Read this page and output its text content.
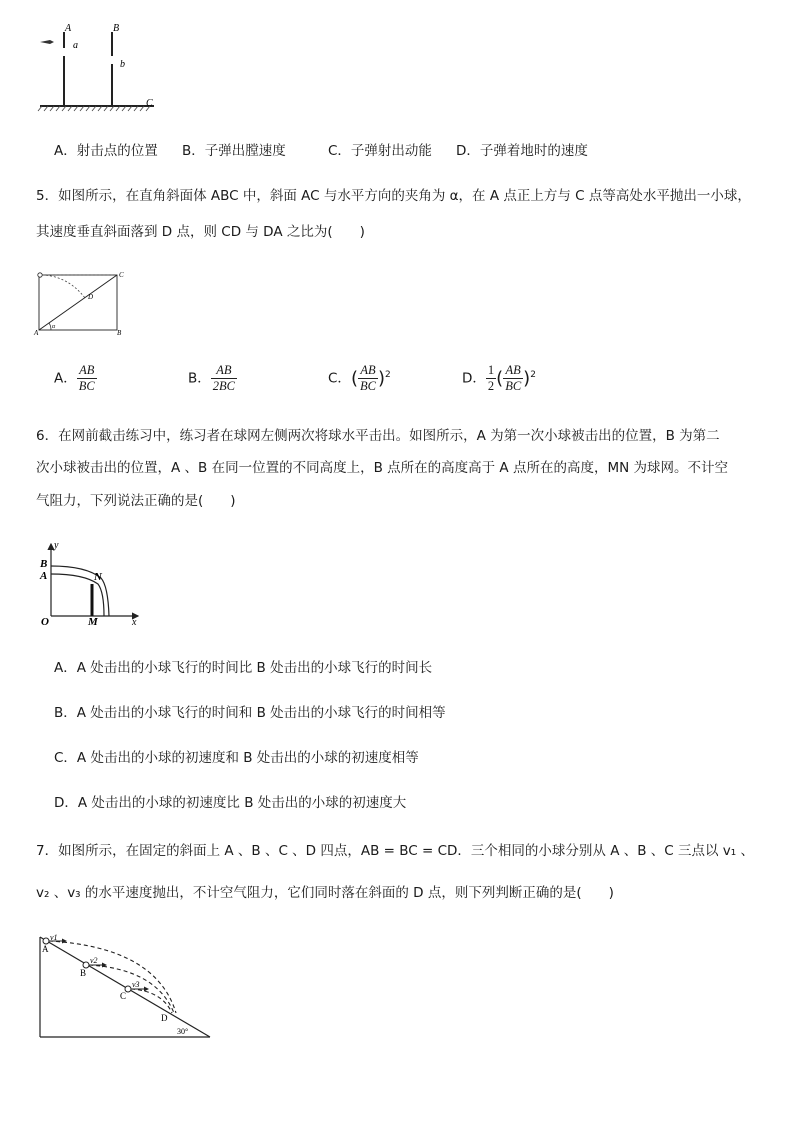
A
a
B
b
C
A．射击点的位置 B．子弹出膛速度	C．子弹射出动能 D．子弹着地时的速度
5．如图所示，在直角斜面体 ABC 中，斜面 AC 与水平方向的夹角为 α，在 A 点正上方与 C 点等高处水平抛出一小球，
其速度垂直斜面落到 D 点，则 CD 与 DA 之比为(　　)
C
D
A	B
α
A． $\frac{AB}{BC}$	B． $\frac{AB}{2BC}$	C．( $\frac{AB}{BC} )^2$	D． $\frac{1}{2}$ ( $\frac{AB}{BC} )^2$
6．在网前截击练习中，练习者在球网左侧两次将球水平击出。如图所示，A 为第一次小球被击出的位置，B 为第二
次小球被击出的位置，A 、B 在同一位置的不同高度上，B 点所在的高度高于 A 点所在的高度，MN 为球网。不计空
气阻力，下列说法正确的是(　　)
y
B
A	N
O	M	x
A．A 处击出的小球飞行的时间比 B 处击出的小球飞行的时间长
B．A 处击出的小球飞行的时间和 B 处击出的小球飞行的时间相等
C．A 处击出的小球的初速度和 B 处击出的小球的初速度相等
D．A 处击出的小球的初速度比 B 处击出的小球的初速度大
7．如图所示，在固定的斜面上 A 、B 、C 、D 四点，AB = BC = CD．三个相同的小球分别从 A 、B 、C 三点以 v₁ 、
v₂ 、v₃ 的水平速度抛出，不计空气阻力，它们同时落在斜面的 D 点，则下列判断正确的是(　　)
v1
v2
v3
A
B
C
D
30°
